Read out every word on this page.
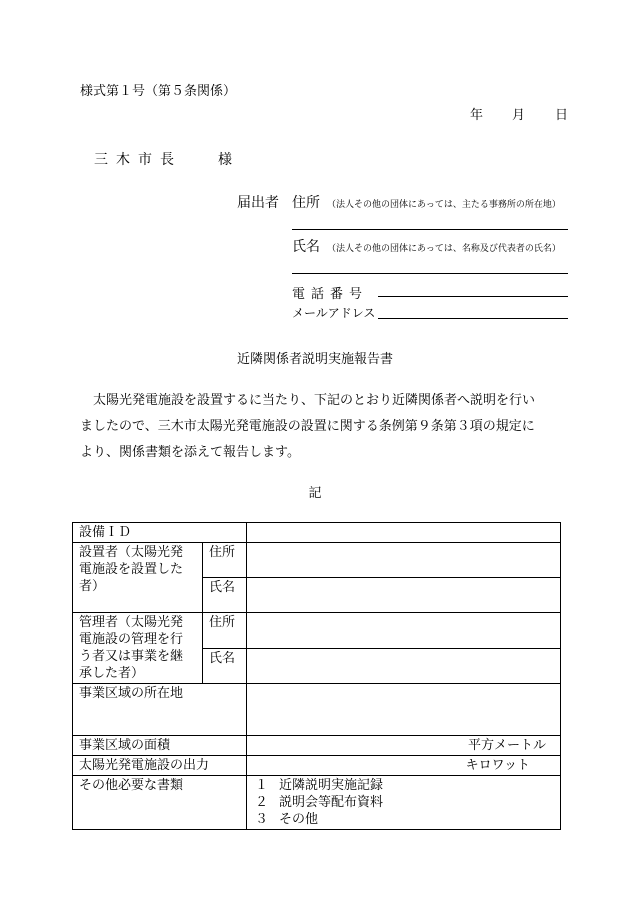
様式第１号（第５条関係）
年 月 日
三木市長	様
届出者 住所 （法人その他の団体にあっては、主たる事務所の所在地）
氏名 （法人その他の団体にあっては、名称及び代表者の氏名）
電話番号
メールアドレス
近隣関係者説明実施報告書
　太陽光発電施設を設置するに当たり、下記のとおり近隣関係者へ説明を行い
ましたので、三木市太陽光発電施設の設置に関する条例第９条第３項の規定に
より、関係書類を添えて報告します。
記
設備ＩＤ		

設置者（太陽光発
電施設を設置した
者）	住所	
	氏名	

管理者（太陽光発
電施設の管理を行
う者又は事業を継
承した者）	住所	
	氏名	
事業区域の所在地		
事業区域の面積		平方メートル
太陽光発電施設の出力		キロワット
その他必要な書類		１ 近隣説明実施記録
２ 説明会等配布資料
３ その他
